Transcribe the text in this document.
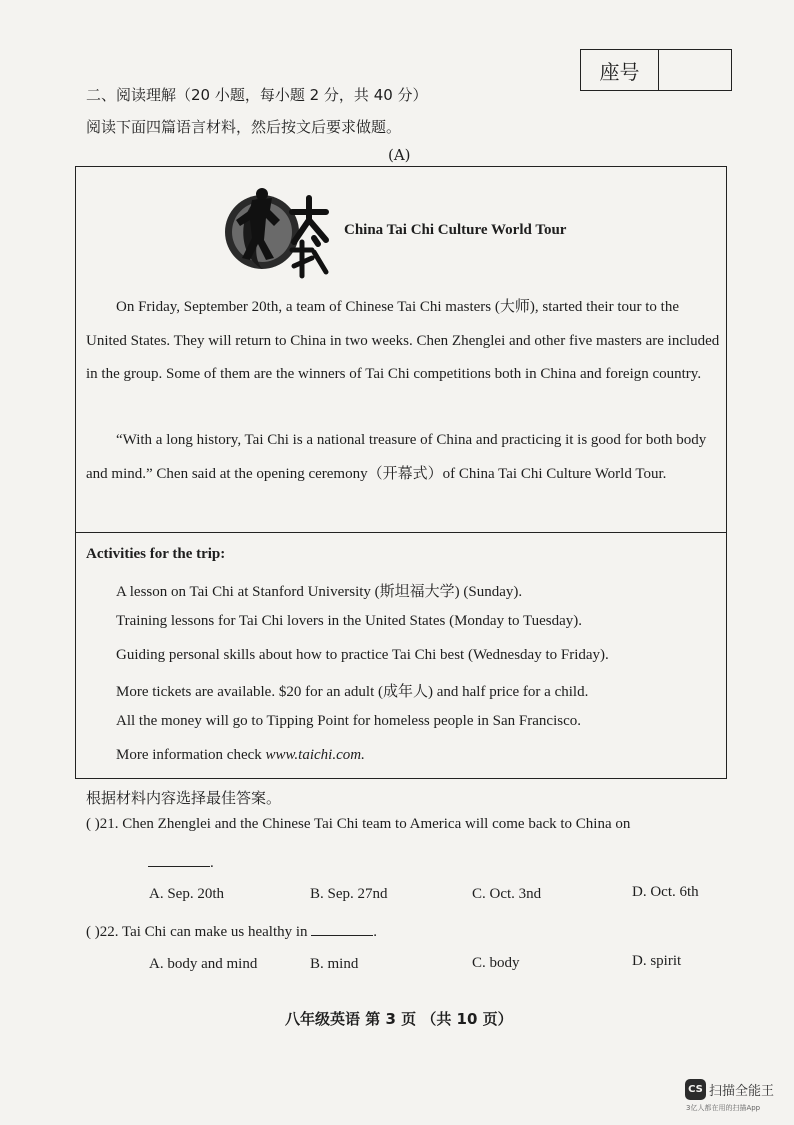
座号
二、阅读理解（20 小题，每小题 2 分，共 40 分）
阅读下面四篇语言材料，然后按文后要求做题。
(A)
China Tai Chi Culture World Tour

On Friday, September 20th, a team of Chinese Tai Chi masters (大师), started their tour to the United States. They will return to China in two weeks. Chen Zhenglei and other five masters are included in the group. Some of them are the winners of Tai Chi competitions both in China and foreign country.

“With a long history, Tai Chi is a national treasure of China and practicing it is good for both body and mind.” Chen said at the opening ceremony（开幕式）of China Tai Chi Culture World Tour.

Activities for the trip:
A lesson on Tai Chi at Stanford University (斯坦福大学) (Sunday).
Training lessons for Tai Chi lovers in the United States (Monday to Tuesday).
Guiding personal skills about how to practice Tai Chi best (Wednesday to Friday).
More tickets are available. $20 for an adult (成年人) and half price for a child.
All the money will go to Tipping Point for homeless people in San Francisco.
More information check www.taichi.com.
根据材料内容选择最佳答案。
( )21. Chen Zhenglei and the Chinese Tai Chi team to America will come back to China on
.
A. Sep. 20th	B. Sep. 27nd	C. Oct. 3nd	D. Oct. 6th
( )22. Tai Chi can make us healthy in	.
A. body and mind	B. mind	C. body	D. spirit
八年级英语 第 3 页 （共 10 页）
CS 扫描全能王
3亿人都在用的扫描App
